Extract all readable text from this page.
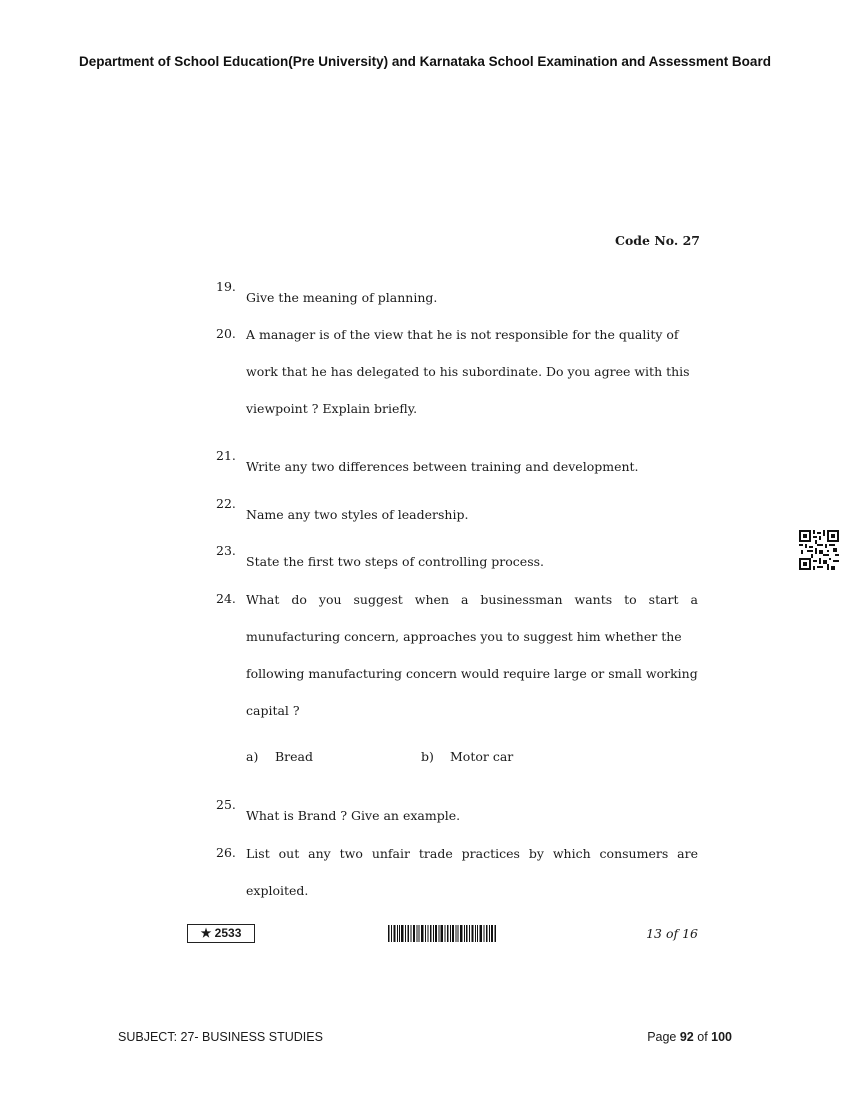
Department of School Education(Pre University) and Karnataka School Examination and Assessment Board
Code No. 27
19.
Give the meaning of planning.
20. A manager is of the view that he is not responsible for the quality of
work that he has delegated to his subordinate. Do you agree with this
viewpoint ? Explain briefly.
21.
Write any two differences between training and development.
22.
Name any two styles of leadership.
23.
State the first two steps of controlling process.
24. What do you suggest when a businessman wants to start a
munufacturing concern, approaches you to suggest him whether the
following manufacturing concern would require large or small working
capital ?
a) Bread	b) Motor car
25.
What is Brand ? Give an example.
26. List out any two unfair trade practices by which consumers are
exploited.
★ 2533	13 of 16
SUBJECT: 27- BUSINESS STUDIES	Page 92 of 100
